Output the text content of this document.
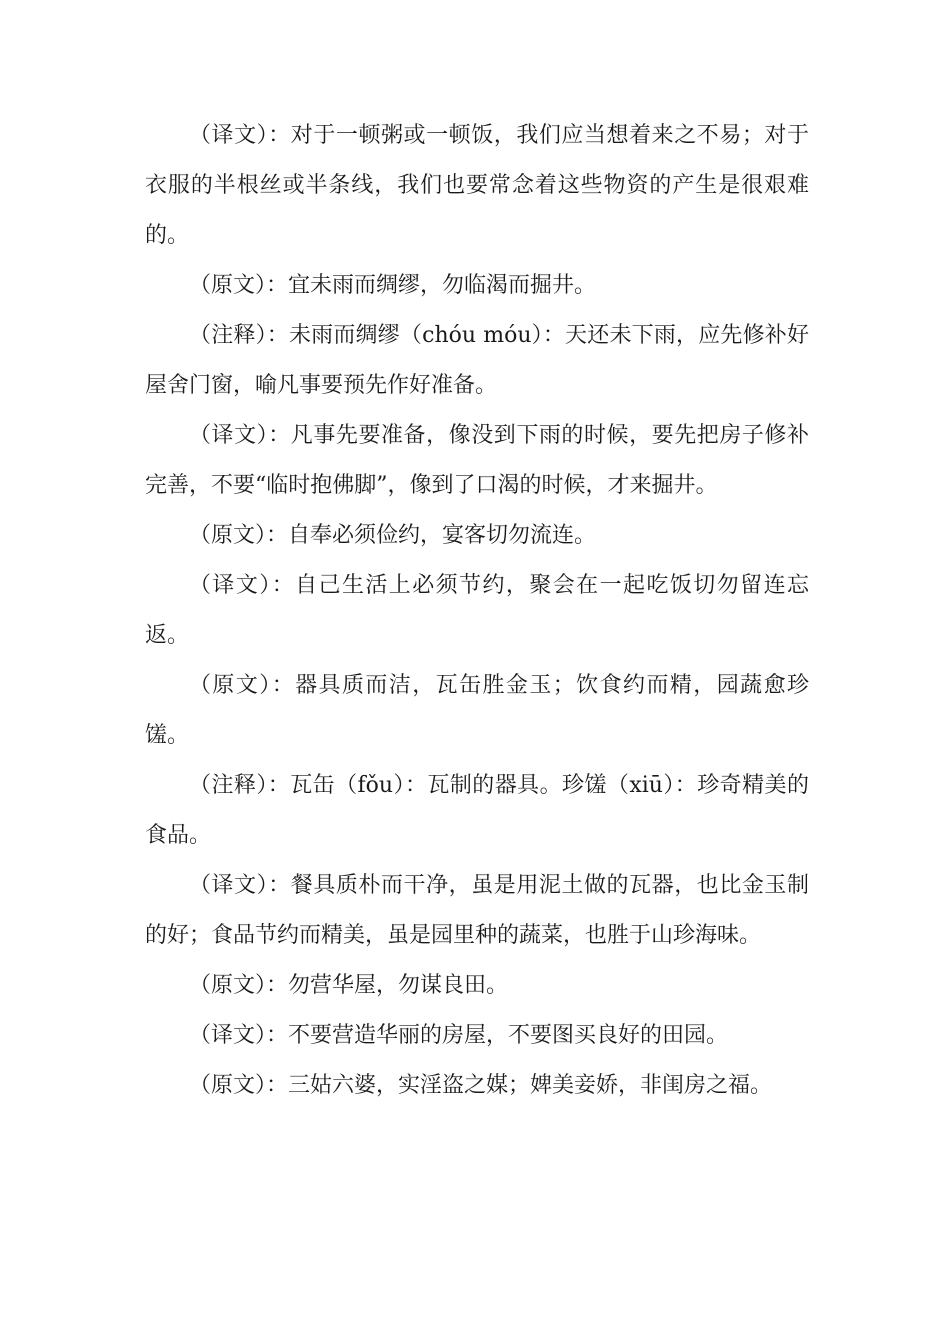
（译文）：对于一顿粥或一顿饭，我们应当想着来之不易；对于衣服的半根丝或半条线，我们也要常念着这些物资的产生是很艰难的。

（原文）：宜未雨而绸缪，勿临渴而掘井。

（注释）：未雨而绸缪（chóu móu）：天还未下雨，应先修补好屋舍门窗，喻凡事要预先作好准备。

（译文）：凡事先要准备，像没到下雨的时候，要先把房子修补完善，不要“临时抱佛脚”，像到了口渴的时候，才来掘井。

（原文）：自奉必须俭约，宴客切勿流连。

（译文）：自己生活上必须节约，聚会在一起吃饭切勿留连忘返。

（原文）：器具质而洁，瓦缶胜金玉；饮食约而精，园蔬愈珍馐。

（注释）：瓦缶（fǒu）：瓦制的器具。珍馐（xiū）：珍奇精美的食品。

（译文）：餐具质朴而干净，虽是用泥土做的瓦器，也比金玉制的好；食品节约而精美，虽是园里种的蔬菜，也胜于山珍海味。

（原文）：勿营华屋，勿谋良田。

（译文）：不要营造华丽的房屋，不要图买良好的田园。

（原文）：三姑六婆，实淫盗之媒；婢美妾娇，非闺房之福。
